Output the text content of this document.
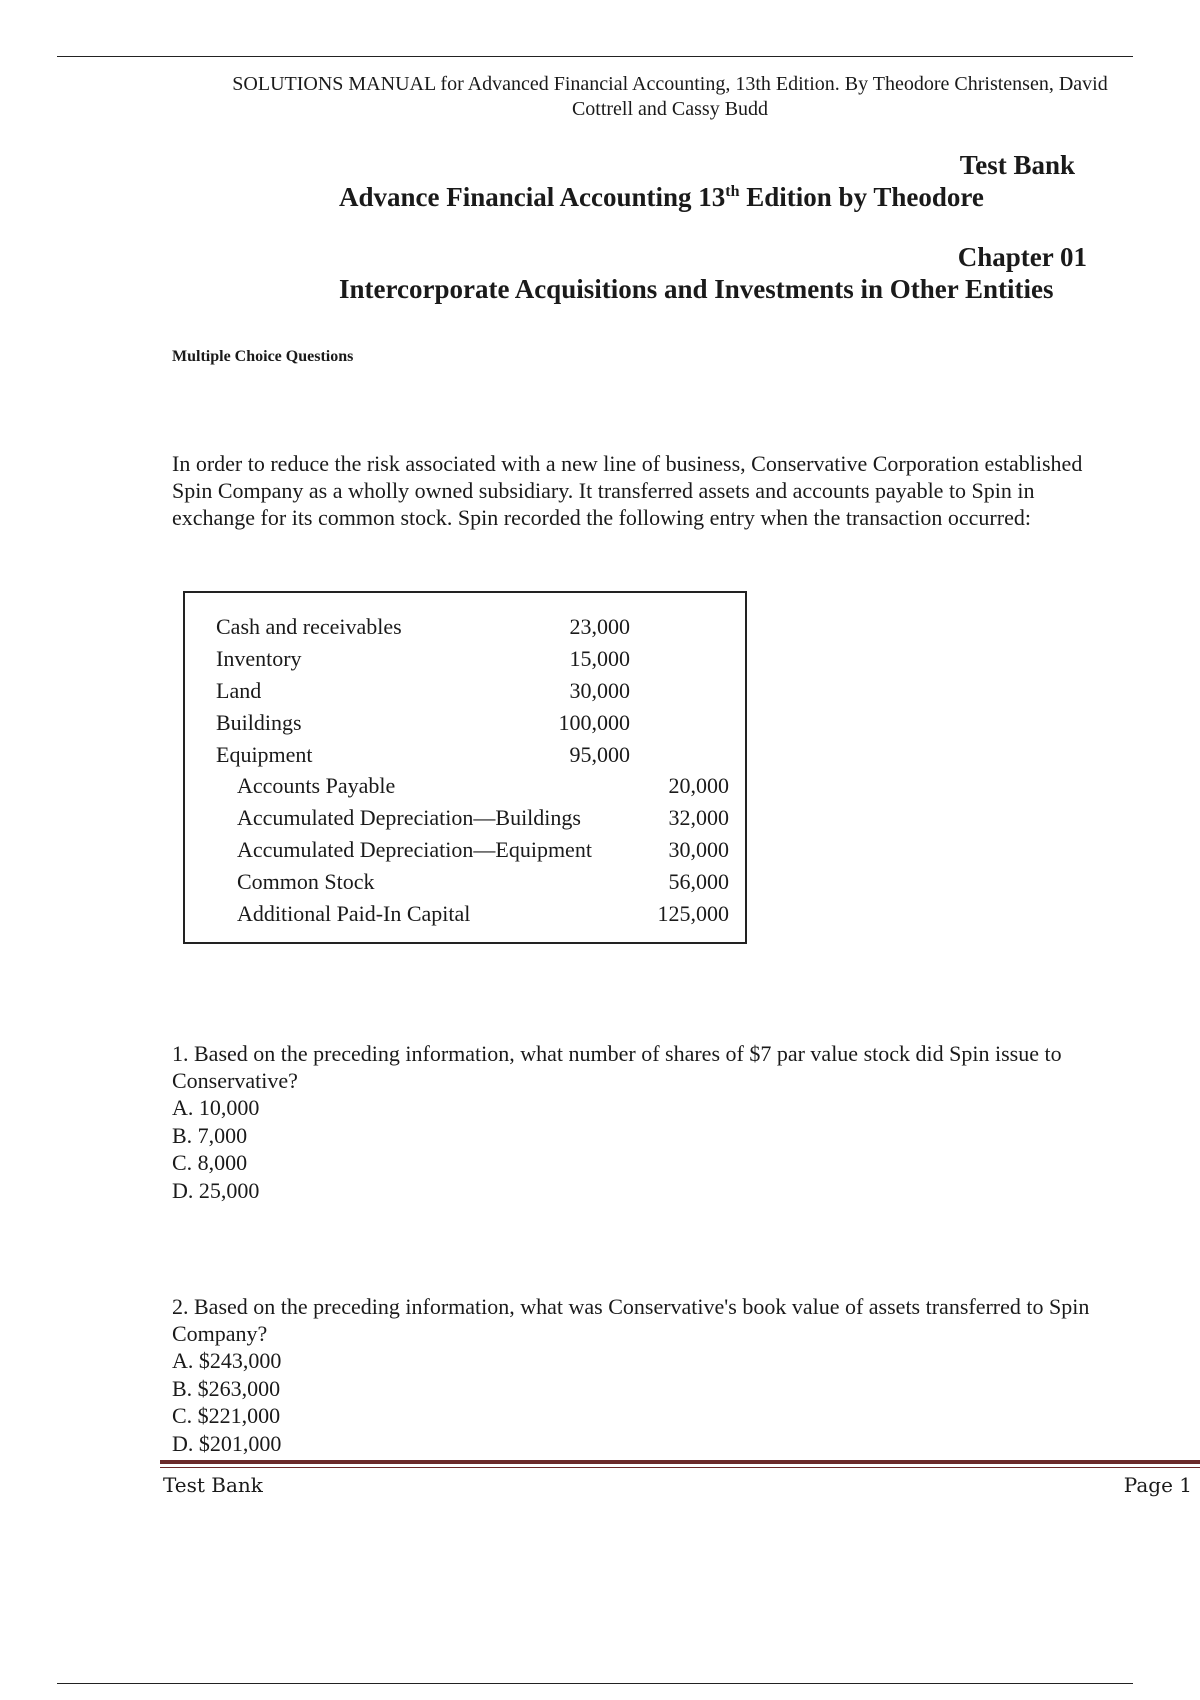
SOLUTIONS MANUAL for Advanced Financial Accounting, 13th Edition. By Theodore Christensen, David
Cottrell and Cassy Budd
Test Bank
Advance Financial Accounting 13th Edition by Theodore
Chapter 01
Intercorporate Acquisitions and Investments in Other Entities
Multiple Choice Questions
In order to reduce the risk associated with a new line of business, Conservative Corporation established Spin Company as a wholly owned subsidiary. It transferred assets and accounts payable to Spin in exchange for its common stock. Spin recorded the following entry when the transaction occurred:
Cash and receivables	23,000
Inventory	15,000
Land	30,000
Buildings	100,000
Equipment	95,000
Accounts Payable	20,000
Accumulated Depreciation—Buildings	32,000
Accumulated Depreciation—Equipment	30,000
Common Stock	56,000
Additional Paid-In Capital	125,000
1. Based on the preceding information, what number of shares of $7 par value stock did Spin issue to Conservative?
A. 10,000
B. 7,000
C. 8,000
D. 25,000
2. Based on the preceding information, what was Conservative's book value of assets transferred to Spin Company?
A. $243,000
B. $263,000
C. $221,000
D. $201,000
Test Bank	Page 1
